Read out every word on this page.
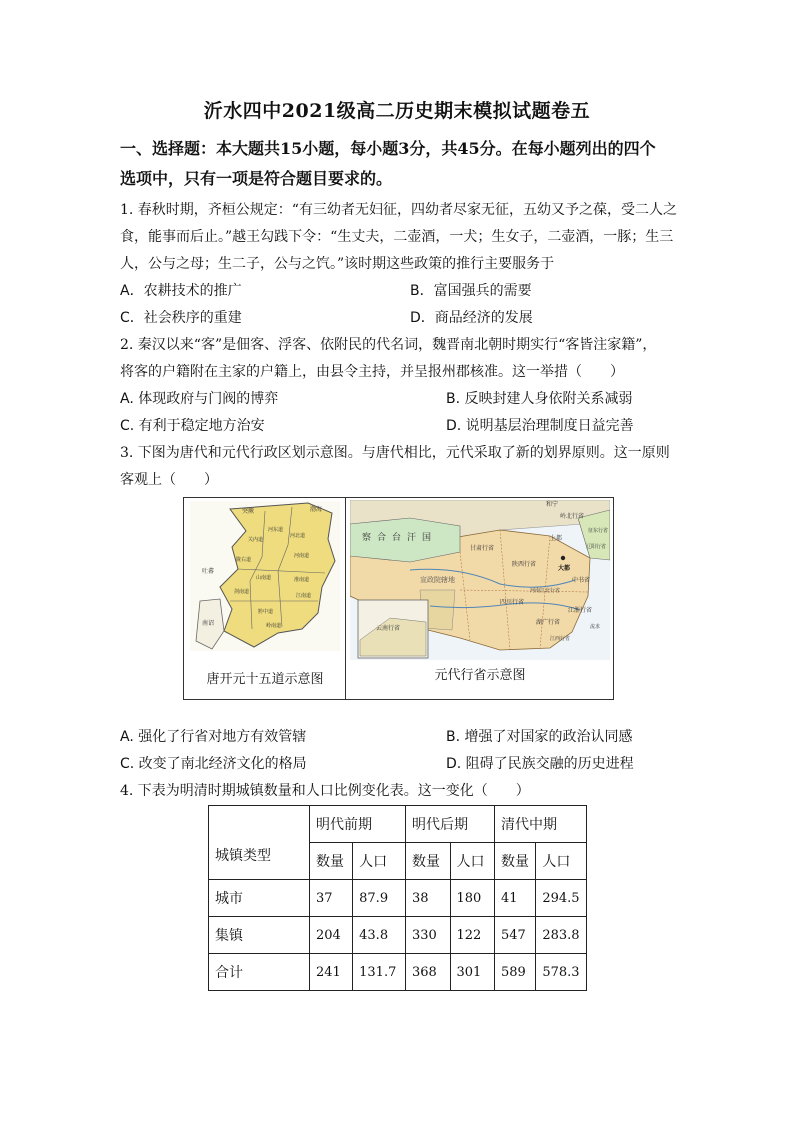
沂水四中2021级高二历史期末模拟试题卷五
一、选择题：本大题共15小题，每小题3分，共45分。在每小题列出的四个
选项中，只有一项是符合题目要求的。
1. 春秋时期，齐桓公规定：“有三幼者无妇征，四幼者尽家无征，五幼又予之葆，受二人之
食，能事而后止。”越王勾践下令：“生丈夫，二壶酒，一犬；生女子，二壶酒，一豚；生三
人，公与之母；生二子，公与之饩。”该时期这些政策的推行主要服务于
A．农耕技术的推广	B．富国强兵的需要
C．社会秩序的重建	D．商品经济的发展
2. 秦汉以来“客”是佃客、浮客、依附民的代名词，魏晋南北朝时期实行“客皆注家籍”，
将客的户籍附在主家的户籍上，由县令主持，并呈报州郡核准。这一举措（　　）
A. 体现政府与门阀的博弈	B. 反映封建人身依附关系减弱
C. 有利于稳定地方治安	D. 说明基层治理制度日益完善
3. 下图为唐代和元代行政区划示意图。与唐代相比，元代采取了新的划界原则。这一原则
客观上（　　）
突厥	渤海
吐蕃
南诏
河北道
关内道
河东道
河南道
陇右道
山南道	淮南道
剑南道
江南道
黔中道
岭南道
和宁
岭北行省
察合台汗国
甘肃行省
上都
大都
陕西行省
中书省
宣政院辖地
四川行省
云南行省
湖广行省
江浙行省
河南江北行省
辽阳行省
江西行省
征东行省
流求
唐开元十五道示意图	元代行省示意图
A. 强化了行省对地方有效管辖	B. 增强了对国家的政治认同感
C. 改变了南北经济文化的格局	D. 阻碍了民族交融的历史进程
4. 下表为明清时期城镇数量和人口比例变化表。这一变化（　　）
城镇类型	明代前期		明代后期		清代中期	
	数量	人口	数量	人口	数量	人口
城市	37	87.9	38	180	41	294.5
集镇	204	43.8	330	122	547	283.8
合计	241	131.7	368	301	589	578.3
